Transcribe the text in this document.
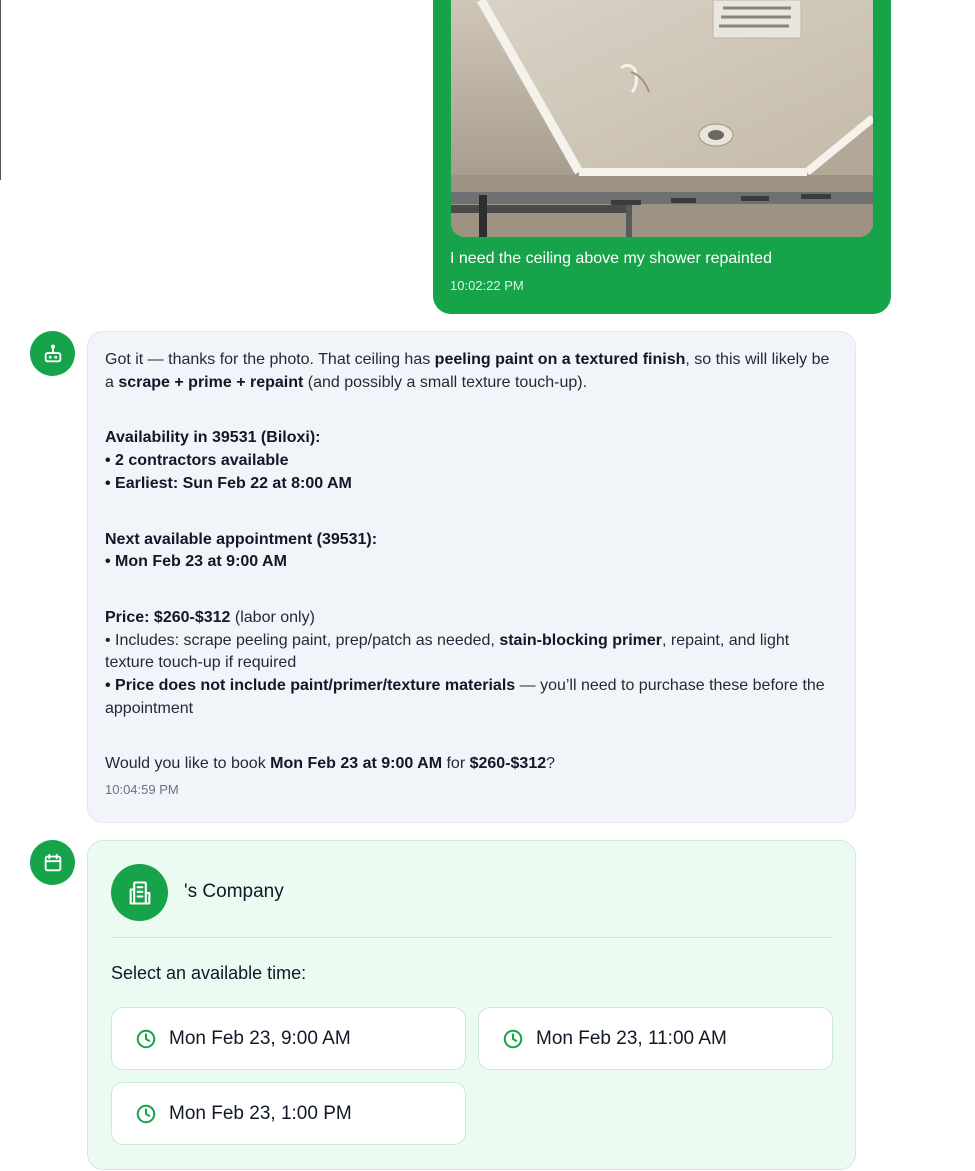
I need the ceiling above my shower repainted
10:02:22 PM

Got it — thanks for the photo. That ceiling has peeling paint on a textured finish, so this will likely be a scrape + prime + repaint (and possibly a small texture touch-up).

Availability in 39531 (Biloxi):
• 2 contractors available
• Earliest: Sun Feb 22 at 8:00 AM

Next available appointment (39531):
• Mon Feb 23 at 9:00 AM

Price: $260-$312 (labor only)
• Includes: scrape peeling paint, prep/patch as needed, stain-blocking primer, repaint, and light texture touch-up if required
• Price does not include paint/primer/texture materials — you’ll need to purchase these before the appointment

Would you like to book Mon Feb 23 at 9:00 AM for $260-$312?

10:04:59 PM
's Company
Select an available time:
Mon Feb 23, 9:00 AM	Mon Feb 23, 11:00 AM
Mon Feb 23, 1:00 PM
